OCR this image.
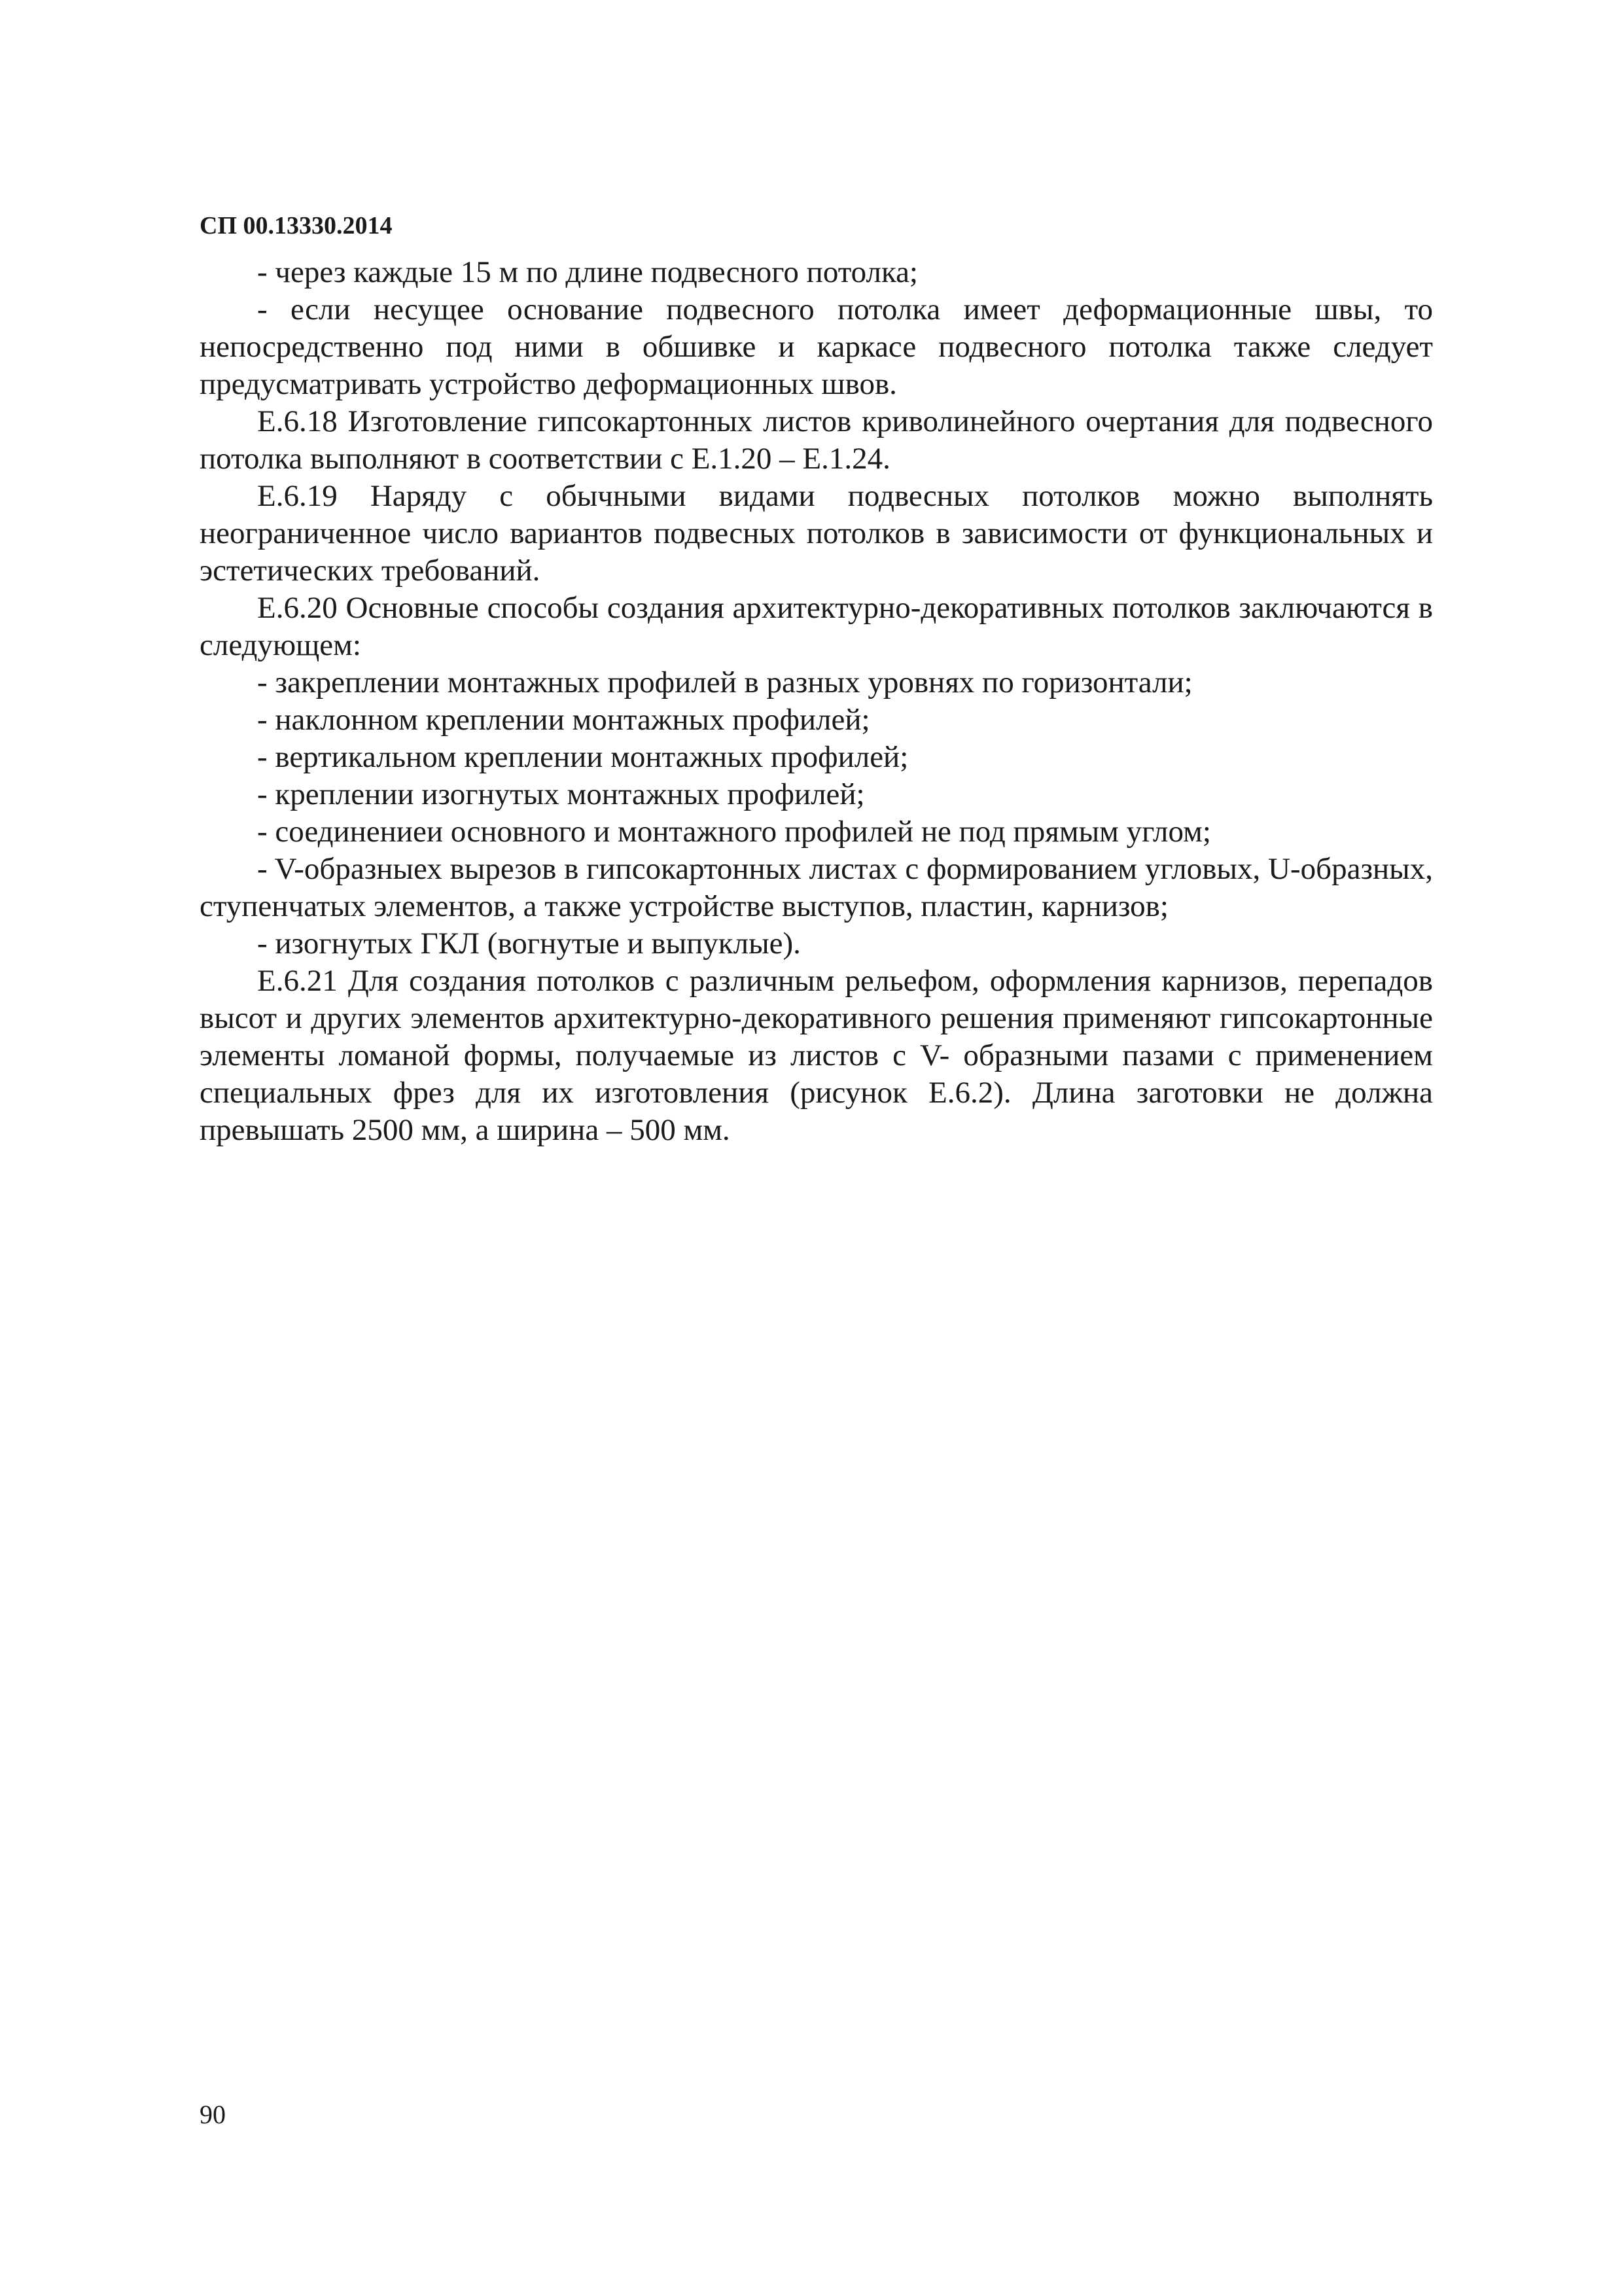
СП 00.13330.2014

- через каждые 15 м по длине подвесного потолка;

- если несущее основание подвесного потолка имеет деформационные швы, то непосредственно под ними в обшивке и каркасе подвесного потолка также следует предусматривать устройство деформационных швов.

Е.6.18 Изготовление гипсокартонных листов криволинейного очертания для подвесного потолка выполняют в соответствии с Е.1.20 – Е.1.24.

Е.6.19 Наряду с обычными видами подвесных потолков можно выполнять неограниченное число вариантов подвесных потолков в зависимости от функциональных и эстетических требований.

Е.6.20 Основные способы создания архитектурно-декоративных потолков заключаются в следующем:

- закреплении монтажных профилей в разных уровнях по горизонтали;

- наклонном креплении монтажных профилей;

- вертикальном креплении монтажных профилей;

- креплении изогнутых монтажных профилей;

- соединениеи основного и монтажного профилей не под прямым углом;

- V-образныех вырезов в гипсокартонных листах с формированием угловых, U-образных, ступенчатых элементов, а также устройстве выступов, пластин, карнизов;

- изогнутых ГКЛ (вогнутые и выпуклые).

Е.6.21 Для создания потолков с различным рельефом, оформления карнизов, перепадов высот и других элементов архитектурно-декоративного решения применяют гипсокартонные элементы ломаной формы, получаемые из листов с V- образными пазами с применением специальных фрез для их изготовления (рисунок Е.6.2). Длина заготовки не должна превышать 2500 мм, а ширина – 500 мм.

90
